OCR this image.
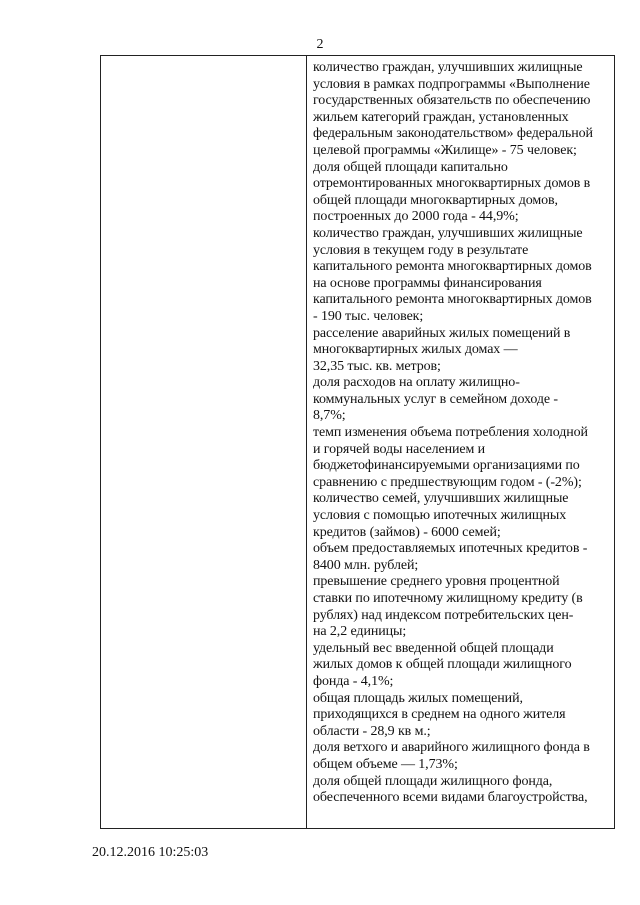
2
количество граждан, улучшивших жилищные
условия в рамках подпрограммы «Выполнение
государственных обязательств по обеспечению
жильем категорий граждан, установленных
федеральным законодательством» федеральной
целевой программы «Жилище» - 75 человек;
доля общей площади капитально
отремонтированных многоквартирных домов в
общей площади многоквартирных домов,
построенных до 2000 года - 44,9%;
количество граждан, улучшивших жилищные
условия в текущем году в результате
капитального ремонта многоквартирных домов
на основе программы финансирования
капитального ремонта многоквартирных домов
- 190 тыс. человек;
расселение аварийных жилых помещений в
многоквартирных жилых домах —
32,35 тыс. кв. метров;
доля расходов на оплату жилищно-
коммунальных услуг в семейном доходе -
8,7%;
темп изменения объема потребления холодной
и горячей воды населением и
бюджетофинансируемыми организациями по
сравнению с предшествующим годом - (-2%);
количество семей, улучшивших жилищные
условия с помощью ипотечных жилищных
кредитов (займов) - 6000 семей;
объем предоставляемых ипотечных кредитов -
8400 млн. рублей;
превышение среднего уровня процентной
ставки по ипотечному жилищному кредиту (в
рублях) над индексом потребительских цен-
на 2,2 единицы;
удельный вес введенной общей площади
жилых домов к общей площади жилищного
фонда - 4,1%;
общая площадь жилых помещений,
приходящихся в среднем на одного жителя
области - 28,9 кв м.;
доля ветхого и аварийного жилищного фонда в
общем объеме — 1,73%;
доля общей площади жилищного фонда,
обеспеченного всеми видами благоустройства,
20.12.2016 10:25:03
